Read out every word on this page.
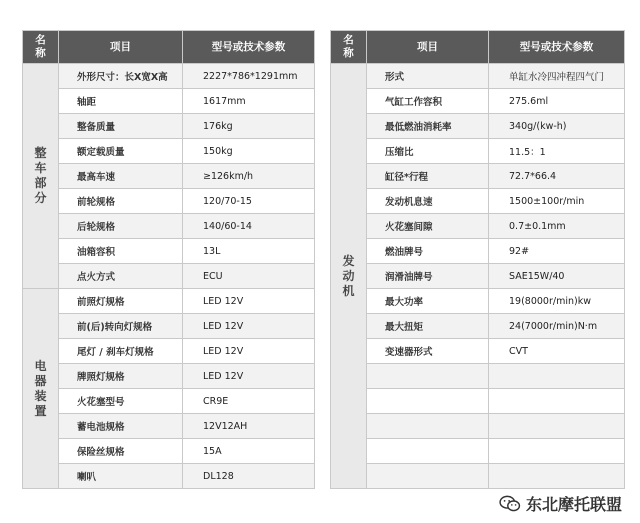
名称	项目	型号或技术参数
整车部分	外形尺寸：长X宽X高	2227*786*1291mm
	轴距	1617mm
	整备质量	176kg
	额定载质量	150kg
	最高车速	≥126km/h
	前轮规格	120/70-15
	后轮规格	140/60-14
	油箱容积	13L
	点火方式	ECU
电器装置	前照灯规格	LED 12V
	前(后)转向灯规格	LED 12V
	尾灯 / 刹车灯规格	LED 12V
	牌照灯规格	LED 12V
	火花塞型号	CR9E
	蓄电池规格	12V12AH
	保险丝规格	15A
	喇叭	DL128
名称	项目	型号或技术参数
发动机	形式	单缸水冷四冲程四气门
	气缸工作容积	275.6ml
	最低燃油消耗率	340g/(kw-h)
	压缩比	11.5：1
	缸径*行程	72.7*66.4
	发动机息速	1500±100r/min
	火花塞间隙	0.7±0.1mm
	燃油牌号	92#
	润滑油牌号	SAE15W/40
	最大功率	19(8000r/min)kw
	最大扭矩	24(7000r/min)N·m
	变速器形式	CVT

东北摩托联盟
